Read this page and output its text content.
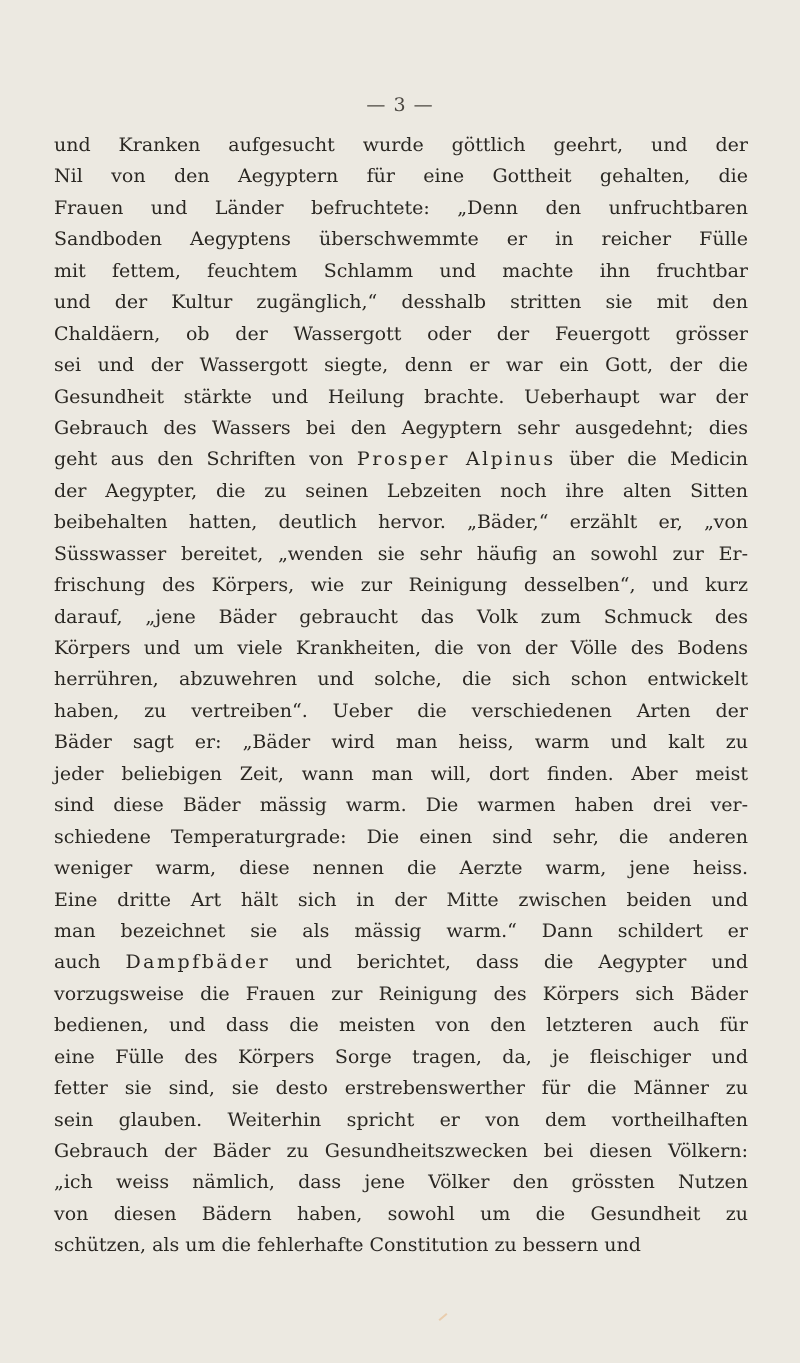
— 3 —
und Kranken aufgesucht wurde göttlich geehrt, und der
Nil von den Aegyptern für eine Gottheit gehalten, die
Frauen und Länder befruchtete: „Denn den unfruchtbaren
Sandboden Aegyptens überschwemmte er in reicher Fülle
mit fettem, feuchtem Schlamm und machte ihn fruchtbar
und der Kultur zugänglich,“ desshalb stritten sie mit den
Chaldäern, ob der Wassergott oder der Feuergott grösser
sei und der Wassergott siegte, denn er war ein Gott, der die
Gesundheit stärkte und Heilung brachte. Ueberhaupt war der
Gebrauch des Wassers bei den Aegyptern sehr ausgedehnt; dies
geht aus den Schriften von Prosper Alpinus über die Medicin
der Aegypter, die zu seinen Lebzeiten noch ihre alten Sitten
beibehalten hatten, deutlich hervor. „Bäder,“ erzählt er, „von
Süsswasser bereitet, „wenden sie sehr häufig an sowohl zur Er-
frischung des Körpers, wie zur Reinigung desselben“, und kurz
darauf, „jene Bäder gebraucht das Volk zum Schmuck des
Körpers und um viele Krankheiten, die von der Völle des Bodens
herrühren, abzuwehren und solche, die sich schon entwickelt
haben, zu vertreiben“. Ueber die verschiedenen Arten der
Bäder sagt er: „Bäder wird man heiss, warm und kalt zu
jeder beliebigen Zeit, wann man will, dort finden. Aber meist
sind diese Bäder mässig warm. Die warmen haben drei ver-
schiedene Temperaturgrade: Die einen sind sehr, die anderen
weniger warm, diese nennen die Aerzte warm, jene heiss.
Eine dritte Art hält sich in der Mitte zwischen beiden und
man bezeichnet sie als mässig warm.“ Dann schildert er
auch Dampfbäder und berichtet, dass die Aegypter und
vorzugsweise die Frauen zur Reinigung des Körpers sich Bäder
bedienen, und dass die meisten von den letzteren auch für
eine Fülle des Körpers Sorge tragen, da, je fleischiger und
fetter sie sind, sie desto erstrebenswerther für die Männer zu
sein glauben. Weiterhin spricht er von dem vortheilhaften
Gebrauch der Bäder zu Gesundheitszwecken bei diesen Völkern:
„ich weiss nämlich, dass jene Völker den grössten Nutzen
von diesen Bädern haben, sowohl um die Gesundheit zu
schützen, als um die fehlerhafte Constitution zu bessern und
